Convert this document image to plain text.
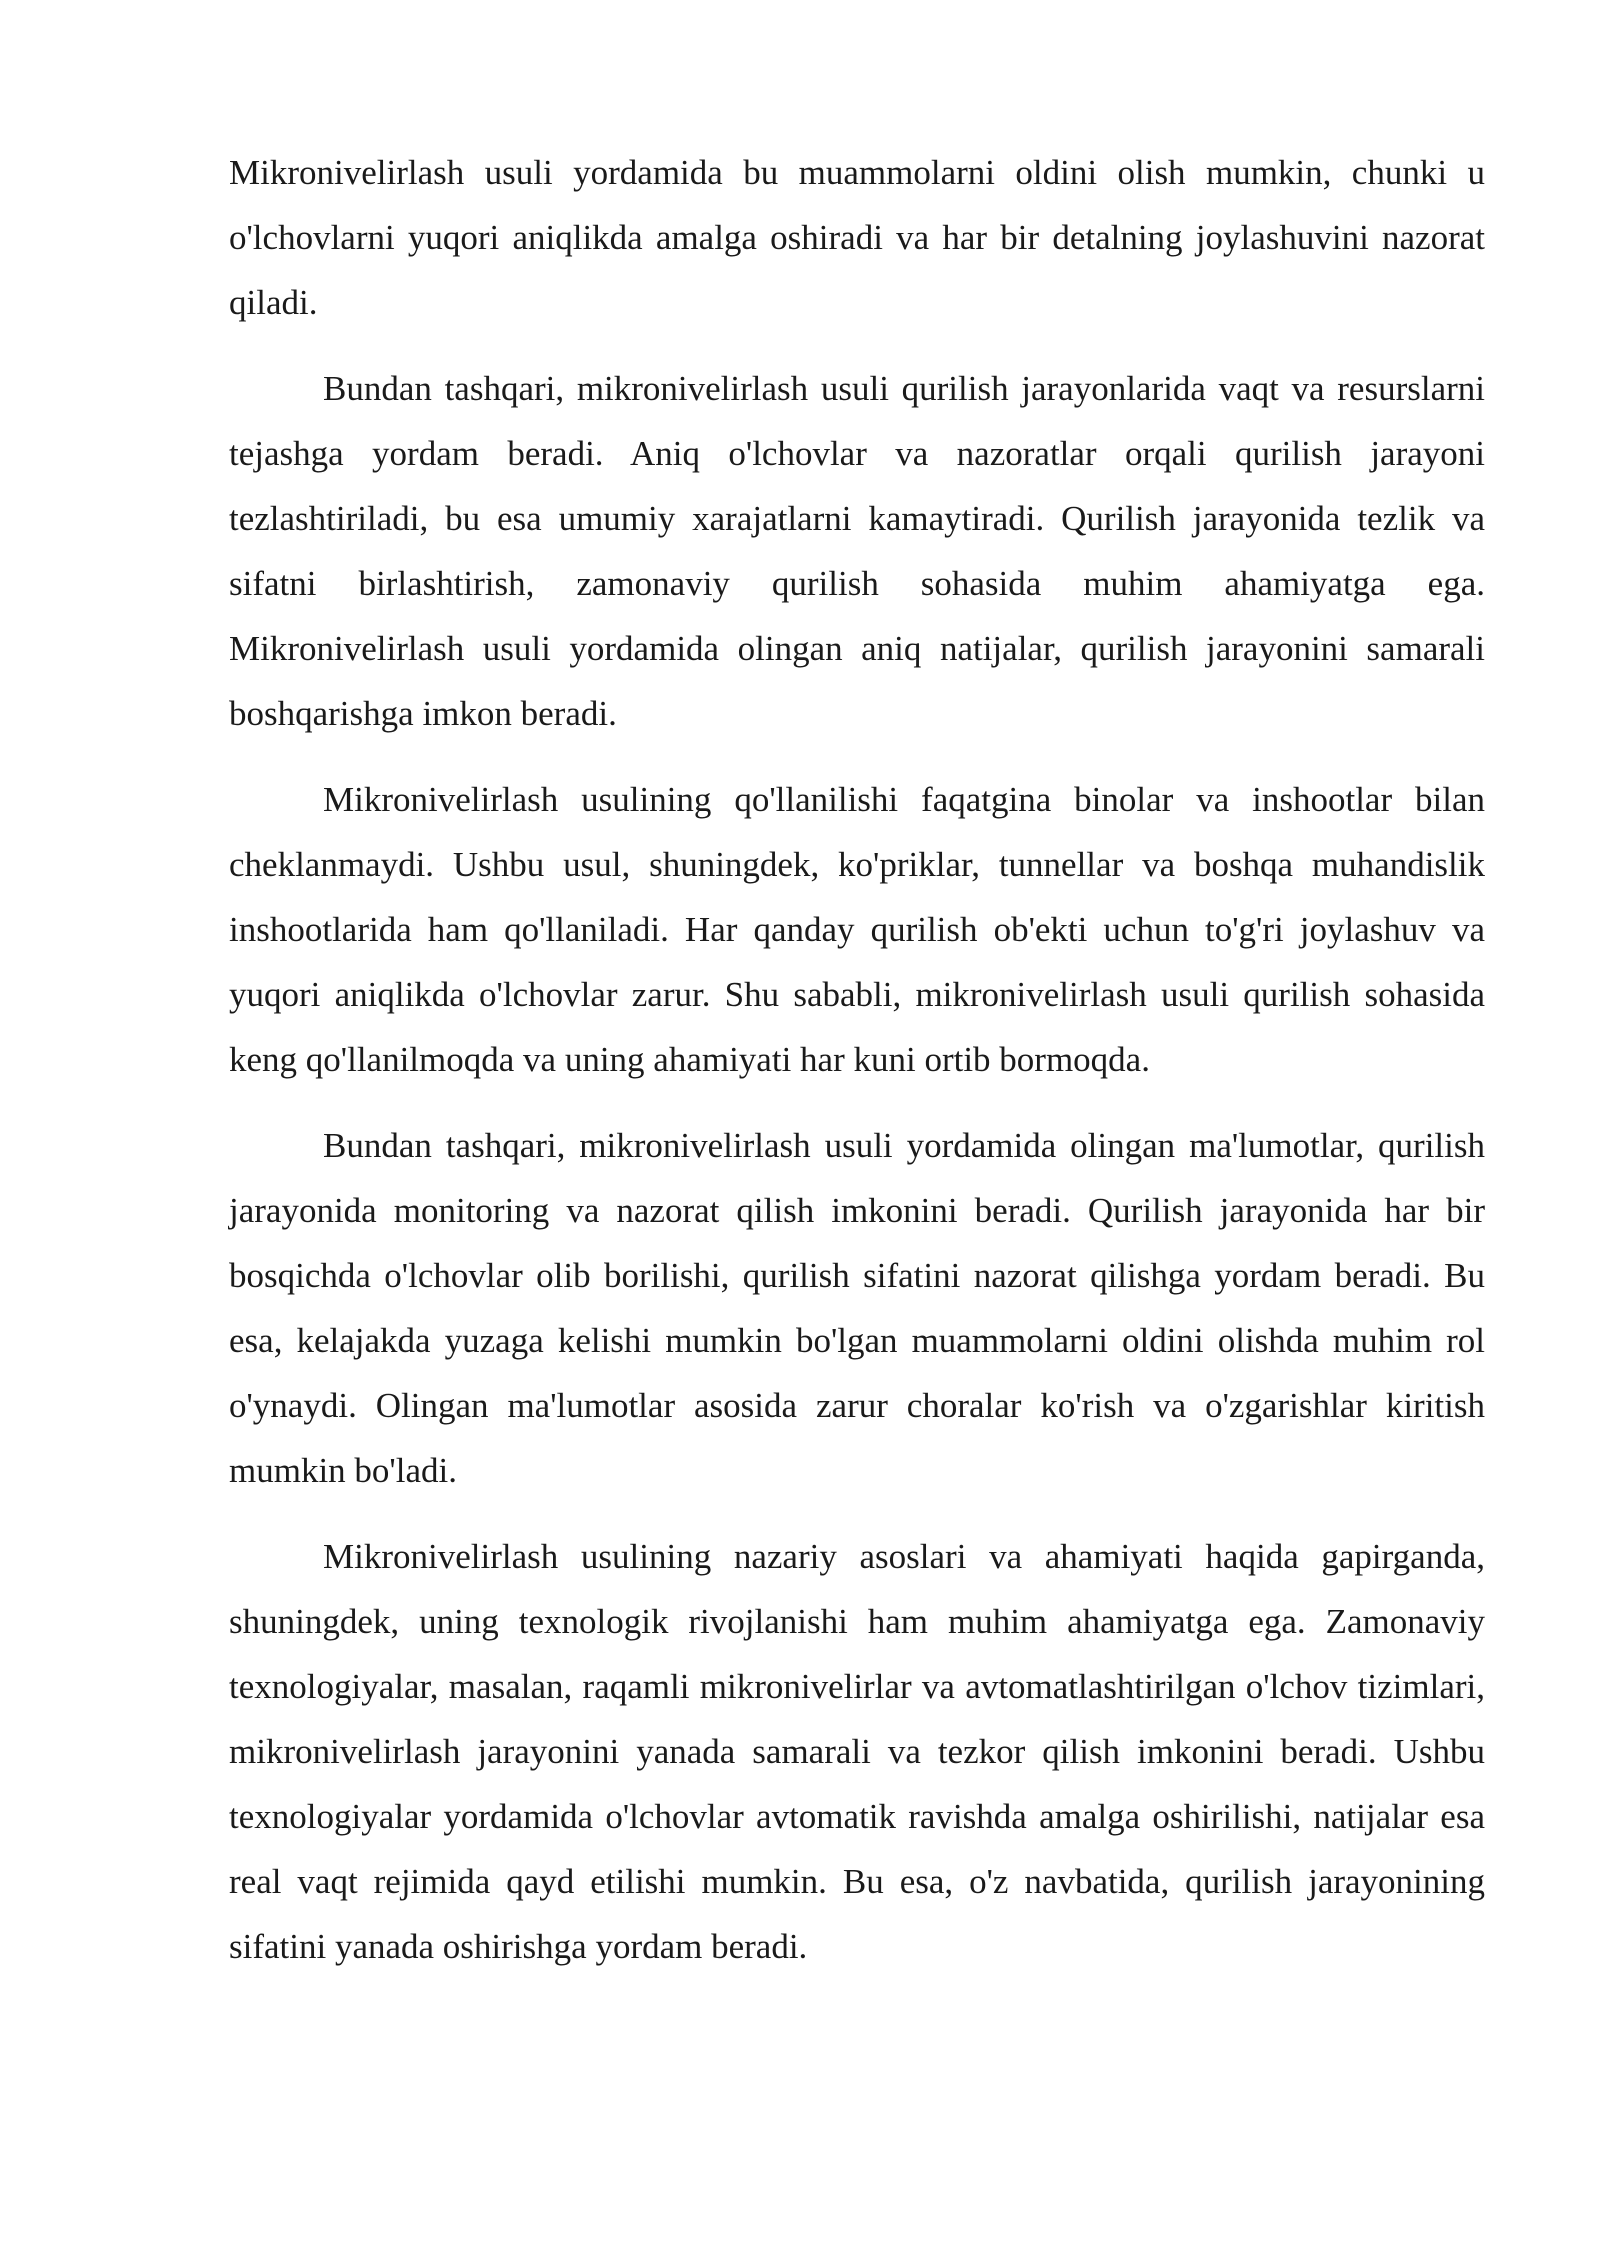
Mikronivelirlash usuli yordamida bu muammolarni oldini olish mumkin, chunki u o'lchovlarni yuqori aniqlikda amalga oshiradi va har bir detalning joylashuvini nazorat qiladi.

Bundan tashqari, mikronivelirlash usuli qurilish jarayonlarida vaqt va resurslarni tejashga yordam beradi. Aniq o'lchovlar va nazoratlar orqali qurilish jarayoni tezlashtiriladi, bu esa umumiy xarajatlarni kamaytiradi. Qurilish jarayonida tezlik va sifatni birlashtirish, zamonaviy qurilish sohasida muhim ahamiyatga ega. Mikronivelirlash usuli yordamida olingan aniq natijalar, qurilish jarayonini samarali boshqarishga imkon beradi.

Mikronivelirlash usulining qo'llanilishi faqatgina binolar va inshootlar bilan cheklanmaydi. Ushbu usul, shuningdek, ko'priklar, tunnellar va boshqa muhandislik inshootlarida ham qo'llaniladi. Har qanday qurilish ob'ekti uchun to'g'ri joylashuv va yuqori aniqlikda o'lchovlar zarur. Shu sababli, mikronivelirlash usuli qurilish sohasida keng qo'llanilmoqda va uning ahamiyati har kuni ortib bormoqda.

Bundan tashqari, mikronivelirlash usuli yordamida olingan ma'lumotlar, qurilish jarayonida monitoring va nazorat qilish imkonini beradi. Qurilish jarayonida har bir bosqichda o'lchovlar olib borilishi, qurilish sifatini nazorat qilishga yordam beradi. Bu esa, kelajakda yuzaga kelishi mumkin bo'lgan muammolarni oldini olishda muhim rol o'ynaydi. Olingan ma'lumotlar asosida zarur choralar ko'rish va o'zgarishlar kiritish mumkin bo'ladi.

Mikronivelirlash usulining nazariy asoslari va ahamiyati haqida gapirganda, shuningdek, uning texnologik rivojlanishi ham muhim ahamiyatga ega. Zamonaviy texnologiyalar, masalan, raqamli mikronivelirlar va avtomatlashtirilgan o'lchov tizimlari, mikronivelirlash jarayonini yanada samarali va tezkor qilish imkonini beradi. Ushbu texnologiyalar yordamida o'lchovlar avtomatik ravishda amalga oshirilishi, natijalar esa real vaqt rejimida qayd etilishi mumkin. Bu esa, o'z navbatida, qurilish jarayonining sifatini yanada oshirishga yordam beradi.
